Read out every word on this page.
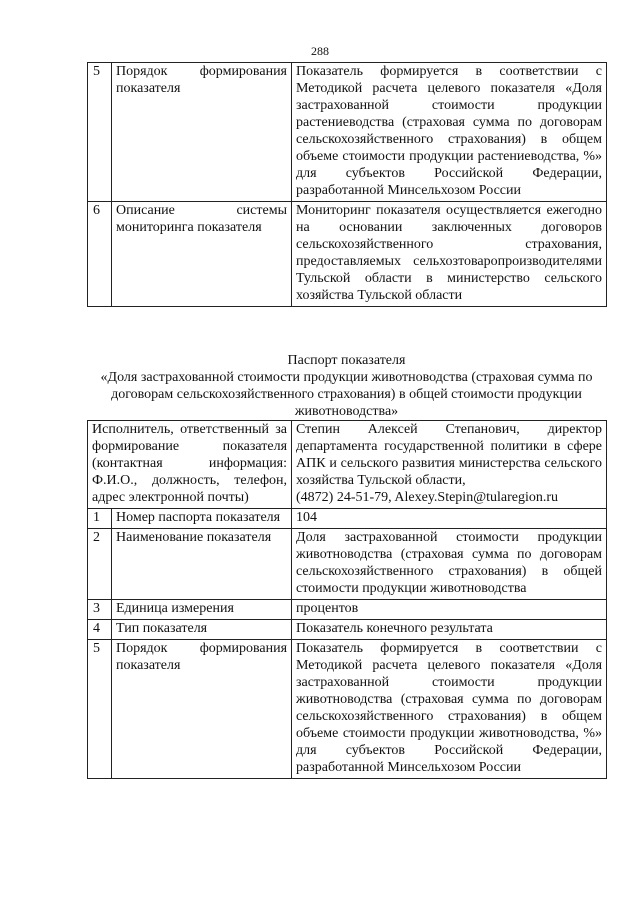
288
5	Порядок формирования показателя	Показатель формируется в соответствии с Методикой расчета целевого показателя «Доля застрахованной стоимости продукции растениеводства (страховая сумма по договорам сельскохозяйственного страхования) в общем объеме стоимости продукции растениеводства, %» для субъектов Российской Федерации, разработанной Минсельхозом России
6	Описание системы мониторинга показателя	Мониторинг показателя осуществляется ежегодно на основании заключенных договоров сельскохозяйственного страхования, предоставляемых сельхозтоваропроизводителями Тульской области в министерство сельского хозяйства Тульской области
Паспорт показателя
«Доля застрахованной стоимости продукции животноводства (страховая сумма по договорам сельскохозяйственного страхования) в общей стоимости продукции животноводства»
Исполнитель, ответственный за формирование показателя (контактная информация: Ф.И.О., должность, телефон, адрес электронной почты)		Степин Алексей Степанович, директор департамента государственной политики в сфере АПК и сельского развития министерства сельского хозяйства Тульской области,
(4872) 24-51-79, Alexey.Stepin@tularegion.ru

1	Номер паспорта показателя	104
2	Наименование показателя	Доля застрахованной стоимости продукции животноводства (страховая сумма по договорам сельскохозяйственного страхования) в общей стоимости продукции животноводства
3	Единица измерения	процентов
4	Тип показателя	Показатель конечного результата
5	Порядок формирования показателя	Показатель формируется в соответствии с Методикой расчета целевого показателя «Доля застрахованной стоимости продукции животноводства (страховая сумма по договорам сельскохозяйственного страхования) в общем объеме стоимости продукции животноводства, %» для субъектов Российской Федерации, разработанной Минсельхозом России
